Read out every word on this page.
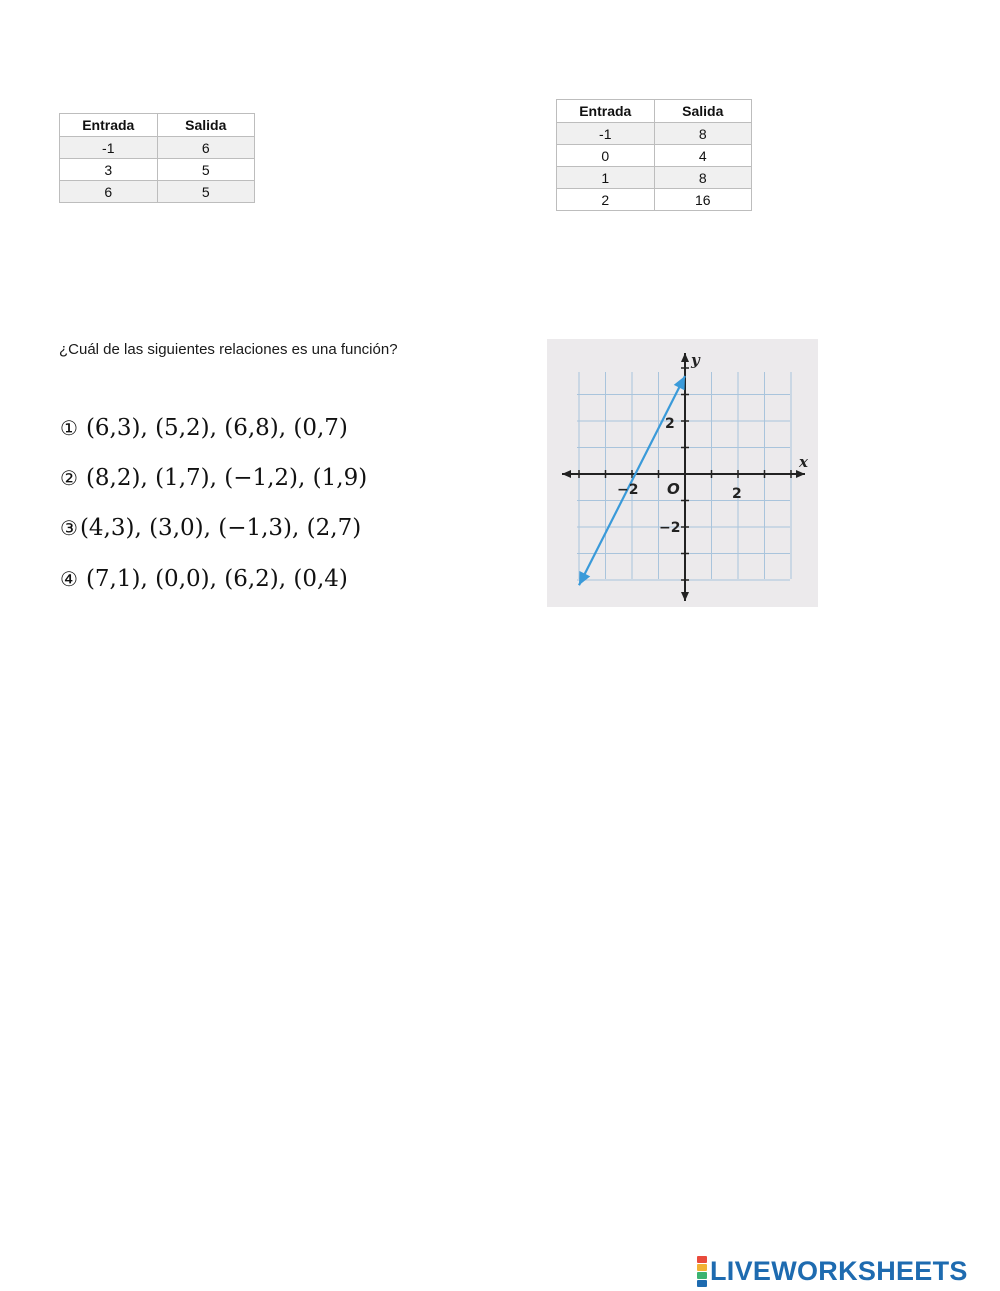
Entrada	Salida
-1	6
3	5
6	5
Entrada	Salida
-1	8
0	4
1	8
2	16
¿Cuál de las siguientes relaciones es una función?
① (6,3), (5,2), (6,8), (0,7)
② (8,2), (1,7), (−1,2), (1,9)
③(4,3), (3,0), (−1,3), (2,7)
④ (7,1), (0,0), (6,2), (0,4)
x
y
O
−2	2
2
−2
LIVEWORKSHEETS
